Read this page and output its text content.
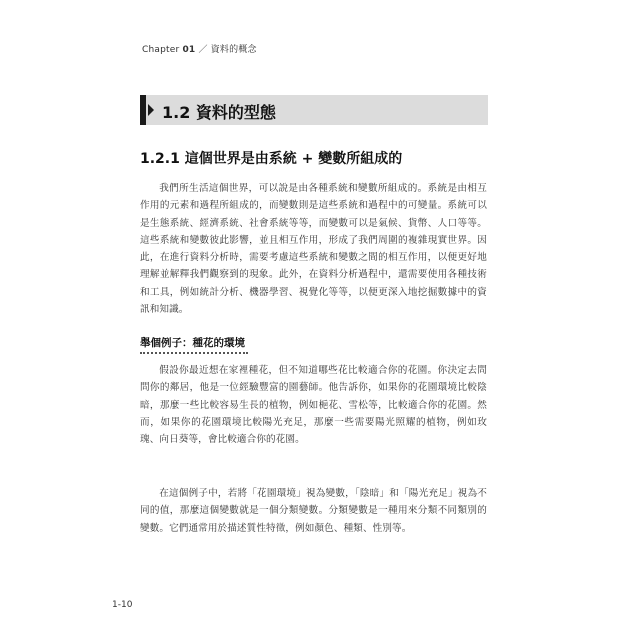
Chapter 01 ／ 資料的概念
1.2 資料的型態
1.2.1 這個世界是由系統 + 變數所組成的

我們所生活這個世界，可以說是由各種系統和變數所組成的。系統是由相互作用的元素和過程所組成的，而變數則是這些系統和過程中的可變量。系統可以是生態系統、經濟系統、社會系統等等，而變數可以是氣候、貨幣、人口等等。這些系統和變數彼此影響，並且相互作用，形成了我們周圍的複雜現實世界。因此，在進行資料分析時，需要考慮這些系統和變數之間的相互作用，以便更好地理解並解釋我們觀察到的現象。此外，在資料分析過程中，還需要使用各種技術和工具，例如統計分析、機器學習、視覺化等等，以便更深入地挖掘數據中的資訊和知識。

舉個例子：種花的環境

假設你最近想在家裡種花，但不知道哪些花比較適合你的花園。你決定去問問你的鄰居，他是一位經驗豐富的園藝師。他告訴你，如果你的花園環境比較陰暗，那麼一些比較容易生長的植物，例如梔花、雪松等，比較適合你的花園。然而，如果你的花園環境比較陽光充足，那麼一些需要陽光照耀的植物，例如玫瑰、向日葵等，會比較適合你的花園。

在這個例子中，若將「花園環境」視為變數，「陰暗」和「陽光充足」視為不同的值，那麼這個變數就是一個分類變數。分類變數是一種用來分類不同類別的變數。它們通常用於描述質性特徵，例如顏色、種類、性別等。

1-10
